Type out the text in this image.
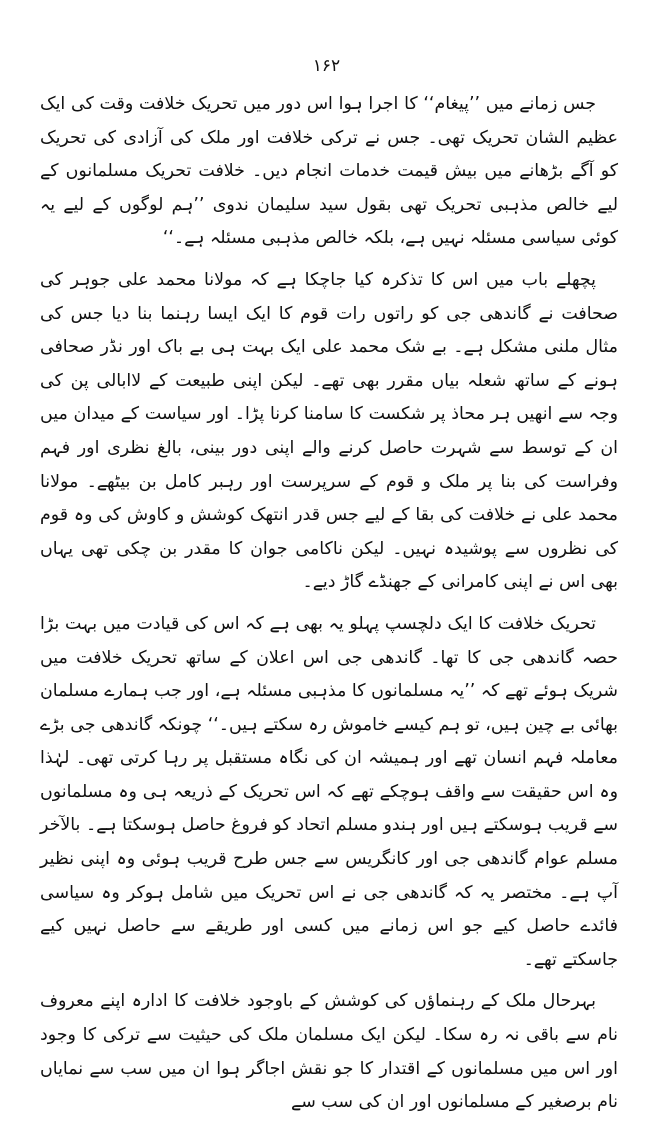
۱۶۲

جس زمانے میں ’’پیغام‘‘ کا اجرا ہوا اس دور میں تحریک خلافت وقت کی ایک عظیم الشان تحریک تھی۔ جس نے ترکی خلافت اور ملک کی آزادی کی تحریک کو آگے بڑھانے میں بیش قیمت خدمات انجام دیں۔ خلافت تحریک مسلمانوں کے لیے خالص مذہبی تحریک تھی بقول سید سلیمان ندوی ’’ہم لوگوں کے لیے یہ کوئی سیاسی مسئلہ نہیں ہے، بلکہ خالص مذہبی مسئلہ ہے۔‘‘

پچھلے باب میں اس کا تذکرہ کیا جاچکا ہے کہ مولانا محمد علی جوہر کی صحافت نے گاندھی جی کو راتوں رات قوم کا ایک ایسا رہنما بنا دیا جس کی مثال ملنی مشکل ہے۔ بے شک محمد علی ایک بہت ہی بے باک اور نڈر صحافی ہونے کے ساتھ شعلہ بیاں مقرر بھی تھے۔ لیکن اپنی طبیعت کے لاابالی پن کی وجہ سے انھیں ہر محاذ پر شکست کا سامنا کرنا پڑا۔ اور سیاست کے میدان میں ان کے توسط سے شہرت حاصل کرنے والے اپنی دور بینی، بالغ نظری اور فہم وفراست کی بنا پر ملک و قوم کے سرپرست اور رہبر کامل بن بیٹھے۔ مولانا محمد علی نے خلافت کی بقا کے لیے جس قدر انتھک کوشش و کاوش کی وہ قوم کی نظروں سے پوشیدہ نہیں۔ لیکن ناکامی جوان کا مقدر بن چکی تھی یہاں بھی اس نے اپنی کامرانی کے جھنڈے گاڑ دیے۔

تحریک خلافت کا ایک دلچسپ پہلو یہ بھی ہے کہ اس کی قیادت میں بہت بڑا حصہ گاندھی جی کا تھا۔ گاندھی جی اس اعلان کے ساتھ تحریک خلافت میں شریک ہوئے تھے کہ ’’یہ مسلمانوں کا مذہبی مسئلہ ہے، اور جب ہمارے مسلمان بھائی بے چین ہیں، تو ہم کیسے خاموش رہ سکتے ہیں۔‘‘ چونکہ گاندھی جی بڑے معاملہ فہم انسان تھے اور ہمیشہ ان کی نگاہ مستقبل پر رہا کرتی تھی۔ لہٰذا وہ اس حقیقت سے واقف ہوچکے تھے کہ اس تحریک کے ذریعہ ہی وہ مسلمانوں سے قریب ہوسکتے ہیں اور ہندو مسلم اتحاد کو فروغ حاصل ہوسکتا ہے۔ بالآخر مسلم عوام گاندھی جی اور کانگریس سے جس طرح قریب ہوئی وہ اپنی نظیر آپ ہے۔ مختصر یہ کہ گاندھی جی نے اس تحریک میں شامل ہوکر وہ سیاسی فائدے حاصل کیے جو اس زمانے میں کسی اور طریقے سے حاصل نہیں کیے جاسکتے تھے۔

بہرحال ملک کے رہنماؤں کی کوشش کے باوجود خلافت کا ادارہ اپنے معروف نام سے باقی نہ رہ سکا۔ لیکن ایک مسلمان ملک کی حیثیت سے ترکی کا وجود اور اس میں مسلمانوں کے اقتدار کا جو نقش اجاگر ہوا ان میں سب سے نمایاں نام برصغیر کے مسلمانوں اور ان کی سب سے
